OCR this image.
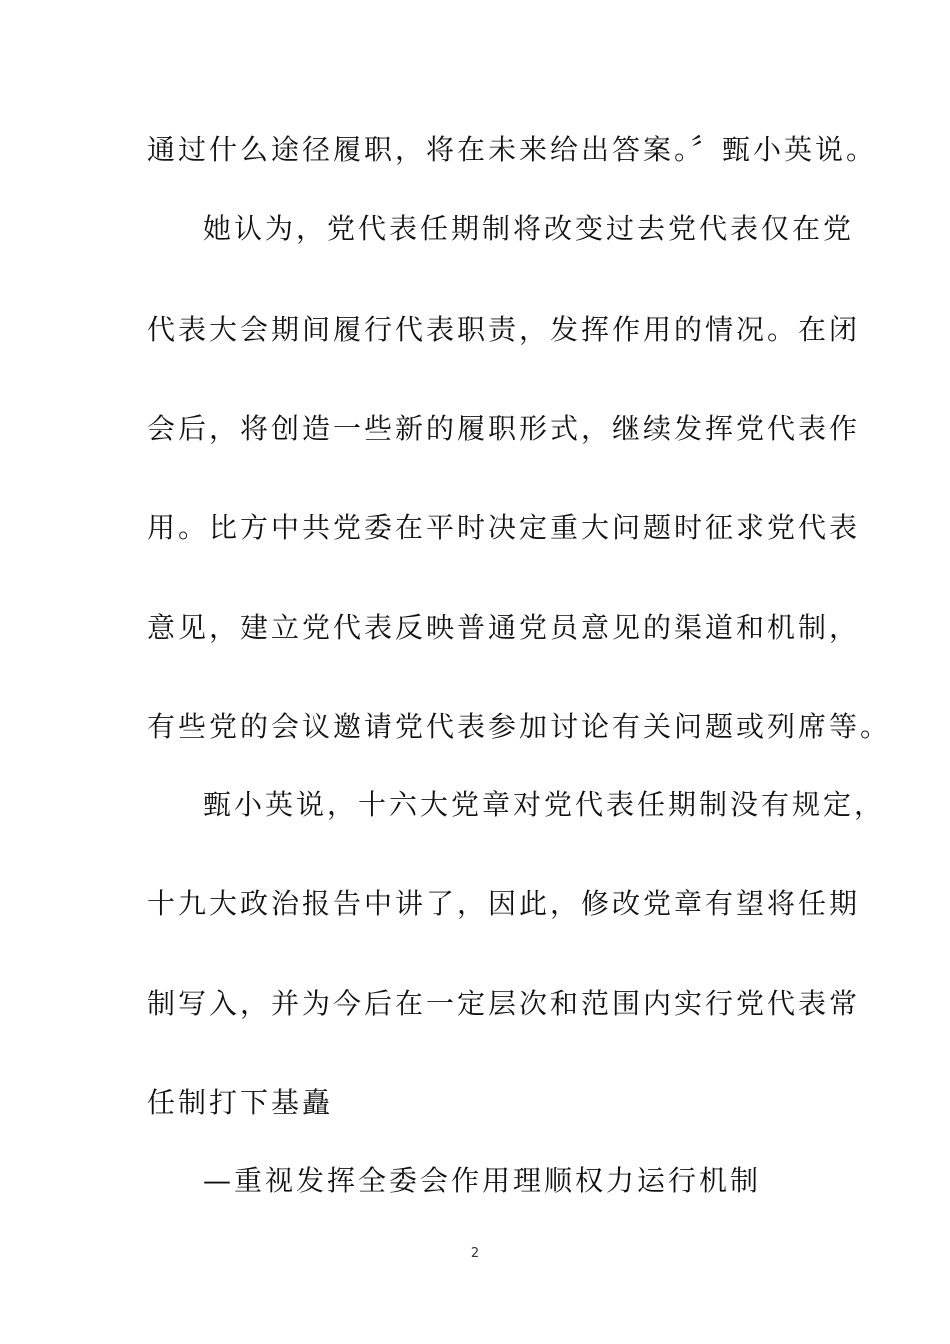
通过什么途径履职，将在未来给出答案。〞甄小英说。
她认为，党代表任期制将改变过去党代表仅在党
代表大会期间履行代表职责，发挥作用的情况。在闭
会后，将创造一些新的履职形式，继续发挥党代表作
用。比方中共党委在平时决定重大问题时征求党代表
意见，建立党代表反映普通党员意见的渠道和机制，
有些党的会议邀请党代表参加讨论有关问题或列席等。
甄小英说，十六大党章对党代表任期制没有规定，
十九大政治报告中讲了，因此，修改党章有望将任期
制写入，并为今后在一定层次和范围内实行党代表常
任制打下基矗
—重视发挥全委会作用理顺权力运行机制
2
